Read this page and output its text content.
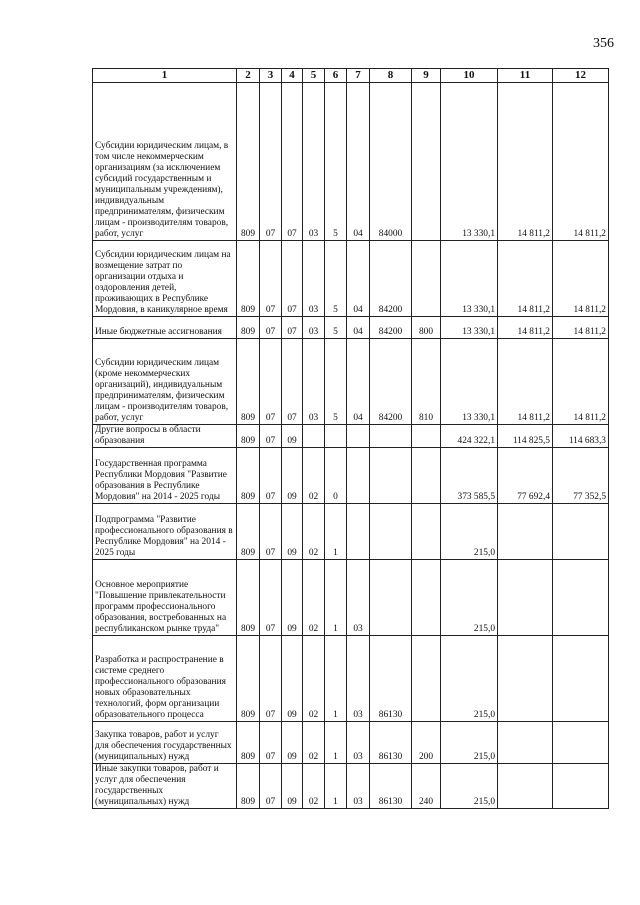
356
1	2	3	4	5	6	7	8	9	10	11	12
Субсидии юридическим лицам, в том числе некоммерческим организациям (за исключением субсидий государственным и муниципальным учреждениям), индивидуальным предпринимателям, физическим лицам - производителям товаров, работ, услуг	809	07	07	03	5	04	84000		13 330,1	14 811,2	14 811,2
Субсидии юридическим лицам на возмещение затрат по организации отдыха и оздоровления детей, проживающих в Республике Мордовия, в каникулярное время	809	07	07	03	5	04	84200		13 330,1	14 811,2	14 811,2
Иные бюджетные ассигнования	809	07	07	03	5	04	84200	800	13 330,1	14 811,2	14 811,2
Субсидии юридическим лицам (кроме некоммерческих организаций), индивидуальным предпринимателям, физическим лицам - производителям товаров, работ, услуг	809	07	07	03	5	04	84200	810	13 330,1	14 811,2	14 811,2
Другие вопросы в области образования	809	07	09						424 322,1	114 825,5	114 683,3
Государственная программа Республики Мордовия "Развитие образования в Республике Мордовия" на 2014 - 2025 годы	809	07	09	02	0				373 585,5	77 692,4	77 352,5
Подпрограмма "Развитие профессионального образования в Республике Мордовия" на 2014 - 2025 годы	809	07	09	02	1				215,0		
Основное мероприятие "Повышение привлекательности программ профессионального образования, востребованных на республиканском рынке труда"	809	07	09	02	1	03			215,0		
Разработка и распространение в системе среднего профессионального образования новых образовательных технологий, форм организации образовательного процесса	809	07	09	02	1	03	86130		215,0		
Закупка товаров, работ и услуг для обеспечения государственных (муниципальных) нужд	809	07	09	02	1	03	86130	200	215,0		
Иные закупки товаров, работ и услуг для обеспечения государственных (муниципальных) нужд	809	07	09	02	1	03	86130	240	215,0		
